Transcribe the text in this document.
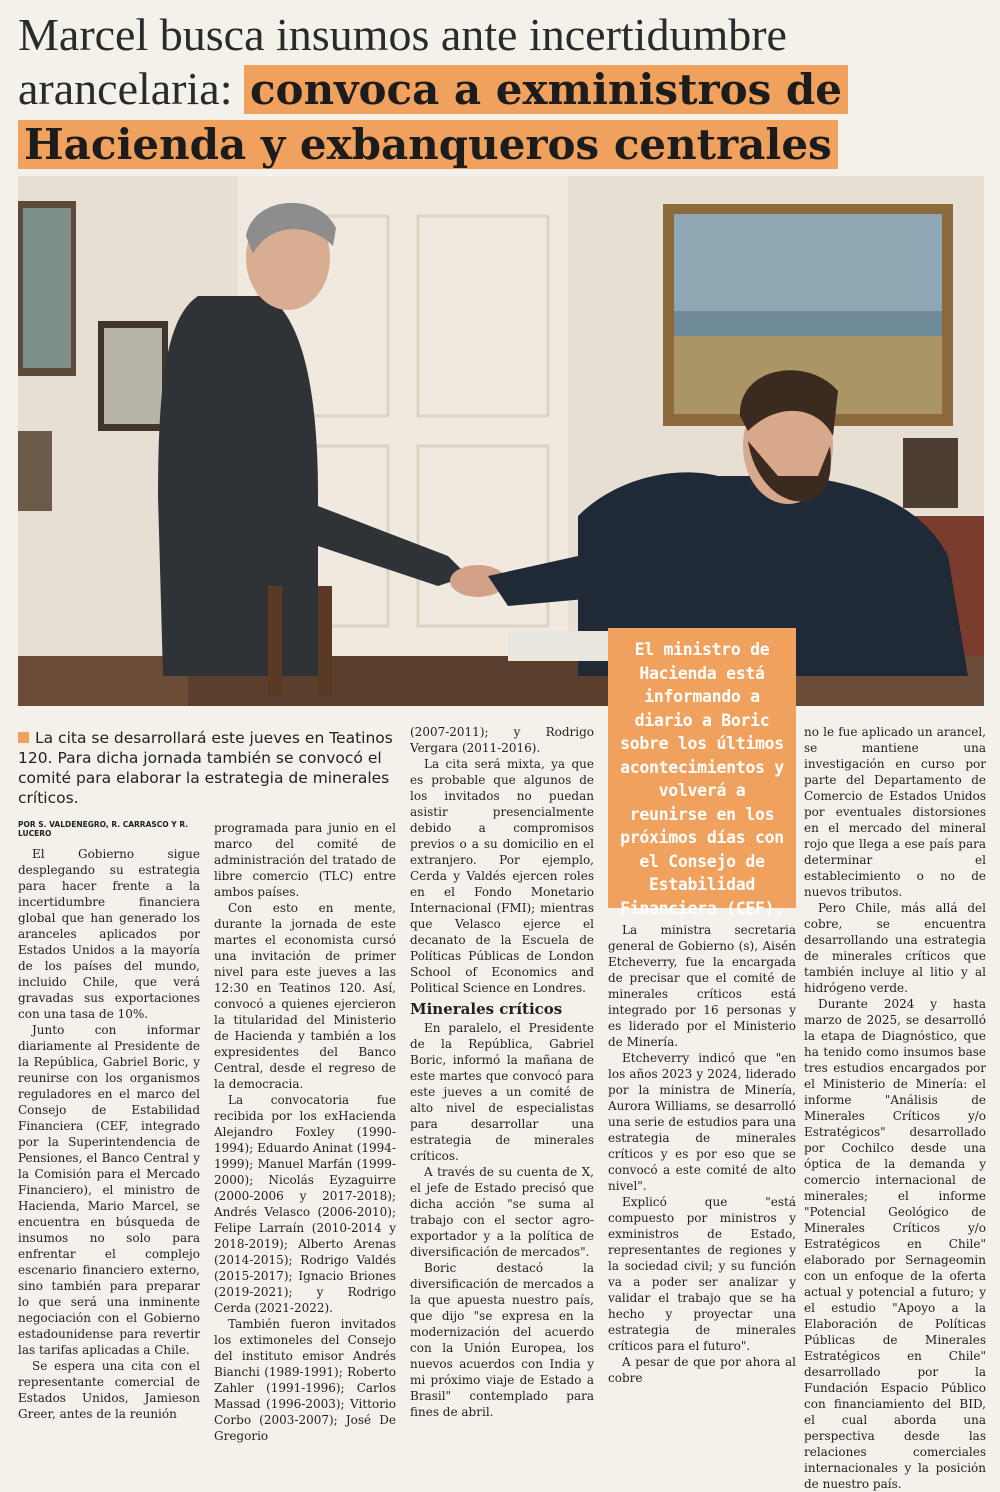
Marcel busca insumos ante incertidumbre arancelaria: convoca a exministros de Hacienda y exbanqueros centrales
El ministro de Hacienda está informando a diario a Boric sobre los últimos acontecimientos y volverá a reunirse en los próximos días con el Consejo de Estabilidad Financiera (CEF).
La cita se desarrollará este jueves en Teatinos 120. Para dicha jornada también se convocó el comité para elaborar la estrategia de minerales críticos.
POR S. VALDENEGRO, R. CARRASCO Y R. LUCERO

El Gobierno sigue desplegando su estrategia para hacer frente a la incertidumbre financiera global que han generado los aranceles aplicados por Estados Unidos a la mayoría de los países del mundo, incluido Chile, que verá gravadas sus exportaciones con una tasa de 10%.

Junto con informar diariamente al Presidente de la República, Gabriel Boric, y reunirse con los organismos reguladores en el marco del Consejo de Estabilidad Financiera (CEF, integrado por la Superintendencia de Pensiones, el Banco Central y la Comisión para el Mercado Financiero), el ministro de Hacienda, Mario Marcel, se encuentra en búsqueda de insumos no solo para enfrentar el complejo escenario financiero externo, sino también para preparar lo que será una inminente negociación con el Gobierno estadounidense para revertir las tarifas aplicadas a Chile.

Se espera una cita con el representante comercial de Estados Unidos, Jamieson Greer, antes de la reunión

programada para junio en el marco del comité de administración del tratado de libre comercio (TLC) entre ambos países.

Con esto en mente, durante la jornada de este martes el economista cursó una invitación de primer nivel para este jueves a las 12:30 en Teatinos 120. Así, convocó a quienes ejercieron la titularidad del Ministerio de Hacienda y también a los expresidentes del Banco Central, desde el regreso de la democracia.

La convocatoria fue recibida por los exHacienda Alejandro Foxley (1990-1994); Eduardo Aninat (1994-1999); Manuel Marfán (1999-2000); Nicolás Eyzaguirre (2000-2006 y 2017-2018); Andrés Velasco (2006-2010); Felipe Larraín (2010-2014 y 2018-2019); Alberto Arenas (2014-2015); Rodrigo Valdés (2015-2017); Ignacio Briones (2019-2021); y Rodrigo Cerda (2021-2022).

También fueron invitados los extimoneles del Consejo del instituto emisor Andrés Bianchi (1989-1991); Roberto Zahler (1991-1996); Carlos Massad (1996-2003); Vittorio Corbo (2003-2007); José De Gregorio

(2007-2011); y Rodrigo Vergara (2011-2016).

La cita será mixta, ya que es probable que algunos de los invitados no puedan asistir presencialmente debido a compromisos previos o a su domicilio en el extranjero. Por ejemplo, Cerda y Valdés ejercen roles en el Fondo Monetario Internacional (FMI); mientras que Velasco ejerce el decanato de la Escuela de Políticas Públicas de London School of Economics and Political Science en Londres.

Minerales críticos

En paralelo, el Presidente de la República, Gabriel Boric, informó la mañana de este martes que convocó para este jueves a un comité de alto nivel de especialistas para desarrollar una estrategia de minerales críticos.

A través de su cuenta de X, el jefe de Estado precisó que dicha acción "se suma al trabajo con el sector agro-exportador y a la política de diversificación de mercados".

Boric destacó la diversificación de mercados a la que apuesta nuestro país, que dijo "se expresa en la modernización del acuerdo con la Unión Europea, los nuevos acuerdos con India y mi próximo viaje de Estado a Brasil" contemplado para fines de abril.

La ministra secretaria general de Gobierno (s), Aisén Etcheverry, fue la encargada de precisar que el comité de minerales críticos está integrado por 16 personas y es liderado por el Ministerio de Minería.

Etcheverry indicó que "en los años 2023 y 2024, liderado por la ministra de Minería, Aurora Williams, se desarrolló una serie de estudios para una estrategia de minerales críticos y es por eso que se convocó a este comité de alto nivel".

Explicó que "está compuesto por ministros y exministros de Estado, representantes de regiones y la sociedad civil; y su función va a poder ser analizar y validar el trabajo que se ha hecho y proyectar una estrategia de minerales críticos para el futuro".

A pesar de que por ahora al cobre

no le fue aplicado un arancel, se mantiene una investigación en curso por parte del Departamento de Comercio de Estados Unidos por eventuales distorsiones en el mercado del mineral rojo que llega a ese país para determinar el establecimiento o no de nuevos tributos.

Pero Chile, más allá del cobre, se encuentra desarrollando una estrategia de minerales críticos que también incluye al litio y al hidrógeno verde.

Durante 2024 y hasta marzo de 2025, se desarrolló la etapa de Diagnóstico, que ha tenido como insumos base tres estudios encargados por el Ministerio de Minería: el informe "Análisis de Minerales Críticos y/o Estratégicos" desarrollado por Cochilco desde una óptica de la demanda y comercio internacional de minerales; el informe "Potencial Geológico de Minerales Críticos y/o Estratégicos en Chile" elaborado por Sernageomin con un enfoque de la oferta actual y potencial a futuro; y el estudio "Apoyo a la Elaboración de Políticas Públicas de Minerales Estratégicos en Chile" desarrollado por la Fundación Espacio Público con financiamiento del BID, el cual aborda una perspectiva desde las relaciones comerciales internacionales y la posición de nuestro país.
